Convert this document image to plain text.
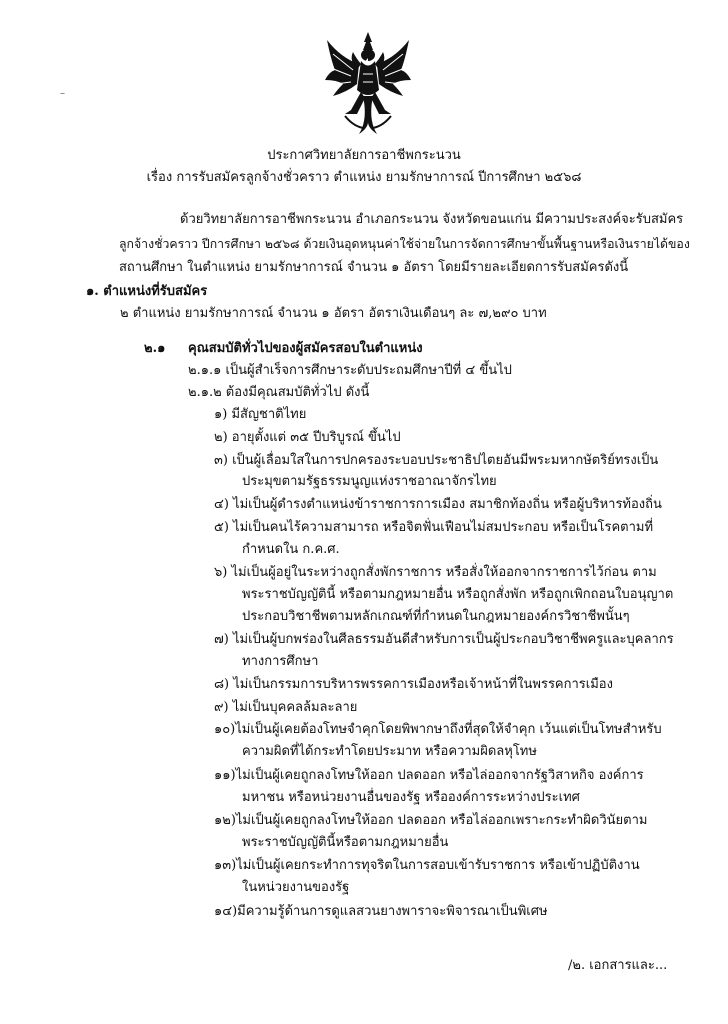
–
ประกาศวิทยาลัยการอาชีพกระนวน
เรื่อง การรับสมัครลูกจ้างชั่วคราว ตำแหน่ง ยามรักษาการณ์ ปีการศึกษา ๒๕๖๘
ด้วยวิทยาลัยการอาชีพกระนวน อำเภอกระนวน จังหวัดขอนแก่น มีความประสงค์จะรับสมัคร
ลูกจ้างชั่วคราว ปีการศึกษา ๒๕๖๘ ด้วยเงินอุดหนุนค่าใช้จ่ายในการจัดการศึกษาขั้นพื้นฐานหรือเงินรายได้ของ
สถานศึกษา ในตำแหน่ง ยามรักษาการณ์ จำนวน ๑ อัตรา โดยมีรายละเอียดการรับสมัครดังนี้
๑. ตำแหน่งที่รับสมัคร
๒ ตำแหน่ง ยามรักษาการณ์ จำนวน ๑ อัตรา อัตราเงินเดือนๆ ละ ๗,๒๙๐ บาท
๒.๑ คุณสมบัติทั่วไปของผู้สมัครสอบในตำแหน่ง
๒.๑.๑ เป็นผู้สำเร็จการศึกษาระดับประถมศึกษาปีที่ ๔ ขึ้นไป
๒.๑.๒ ต้องมีคุณสมบัติทั่วไป ดังนี้
๑) มีสัญชาติไทย
๒) อายุตั้งแต่ ๓๕ ปีบริบูรณ์ ขึ้นไป
๓) เป็นผู้เลื่อมใสในการปกครองระบอบประชาธิปไตยอันมีพระมหากษัตริย์ทรงเป็น
ประมุขตามรัฐธรรมนูญแห่งราชอาณาจักรไทย
๔) ไม่เป็นผู้ดำรงตำแหน่งข้าราชการการเมือง สมาชิกท้องถิ่น หรือผู้บริหารท้องถิ่น
๕) ไม่เป็นคนไร้ความสามารถ หรือจิตฟั่นเฟือนไม่สมประกอบ หรือเป็นโรคตามที่
กำหนดใน ก.ค.ศ.
๖) ไม่เป็นผู้อยู่ในระหว่างถูกสั่งพักราชการ หรือสั่งให้ออกจากราชการไว้ก่อน ตาม
พระราชบัญญัตินี้ หรือตามกฎหมายอื่น หรือถูกสั่งพัก หรือถูกเพิกถอนใบอนุญาต
ประกอบวิชาชีพตามหลักเกณฑ์ที่กำหนดในกฎหมายองค์กรวิชาชีพนั้นๆ
๗) ไม่เป็นผู้บกพร่องในศีลธรรมอันดีสำหรับการเป็นผู้ประกอบวิชาชีพครูและบุคลากร
ทางการศึกษา
๘) ไม่เป็นกรรมการบริหารพรรคการเมืองหรือเจ้าหน้าที่ในพรรคการเมือง
๙) ไม่เป็นบุคคลล้มละลาย
๑๐)ไม่เป็นผู้เคยต้องโทษจำคุกโดยพิพากษาถึงที่สุดให้จำคุก เว้นแต่เป็นโทษสำหรับ
ความผิดที่ได้กระทำโดยประมาท หรือความผิดลหุโทษ
๑๑)ไม่เป็นผู้เคยถูกลงโทษให้ออก ปลดออก หรือไล่ออกจากรัฐวิสาหกิจ องค์การ
มหาชน หรือหน่วยงานอื่นของรัฐ หรือองค์การระหว่างประเทศ
๑๒)ไม่เป็นผู้เคยถูกลงโทษให้ออก ปลดออก หรือไล่ออกเพราะกระทำผิดวินัยตาม
พระราชบัญญัตินี้หรือตามกฎหมายอื่น
๑๓)ไม่เป็นผู้เคยกระทำการทุจริตในการสอบเข้ารับราชการ หรือเข้าปฏิบัติงาน
ในหน่วยงานของรัฐ
๑๔)มีความรู้ด้านการดูแลสวนยางพาราจะพิจารณาเป็นพิเศษ
/๒. เอกสารและ...
